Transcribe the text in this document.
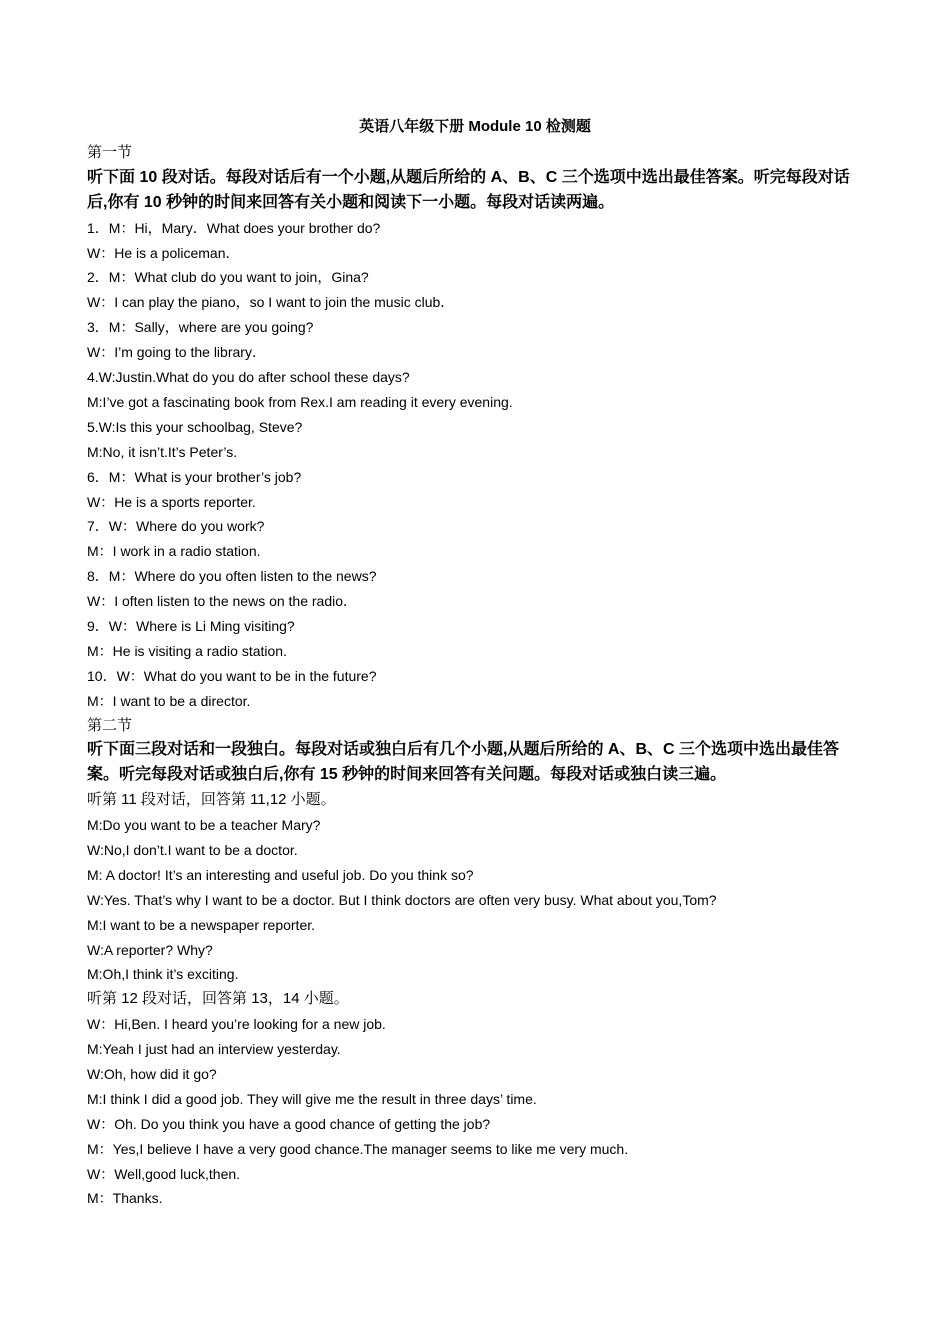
英语八年级下册 Module 10 检测题
第一节
听下面 10 段对话。每段对话后有一个小题,从题后所给的 A、B、C 三个选项中选出最佳答案。听完每段对话后,你有 10 秒钟的时间来回答有关小题和阅读下一小题。每段对话读两遍。
1．M：Hi，Mary．What does your brother do?
W：He is a policeman．
2．M：What club do you want to join，Gina?
W：I can play the piano，so I want to join the music club．
3．M：Sally，where are you going?
W：I’m going to the library．
4.W:Justin.What do you do after school these days?
M:I’ve got a fascinating book from Rex.I am reading it every evening.
5.W:Is this your schoolbag, Steve?
M:No, it isn’t.It’s Peter’s.
6．M：What is your brother’s job?
W：He is a sports reporter.
7．W：Where do you work?
M：I work in a radio station.
8．M：Where do you often listen to the news?
W：I often listen to the news on the radio．
9．W：Where is Li Ming visiting?
M：He is visiting a radio station.
10．W：What do you want to be in the future?
M：I want to be a director.
第二节
听下面三段对话和一段独白。每段对话或独白后有几个小题,从题后所给的 A、B、C 三个选项中选出最佳答案。听完每段对话或独白后,你有 15 秒钟的时间来回答有关问题。每段对话或独白读三遍。
听第 11 段对话，回答第 11,12 小题。
M:Do you want to be a teacher Mary?
W:No,I don’t.I want to be a doctor.
M: A doctor! It’s an interesting and useful job. Do you think so?
W:Yes. That’s why I want to be a doctor. But I think doctors are often very busy. What about you,Tom?
M:I want to be a newspaper reporter.
W:A reporter? Why?
M:Oh,I think it’s exciting.
听第 12 段对话，回答第 13，14 小题。
W：Hi,Ben. I heard you’re looking for a new job.
M:Yeah I just had an interview yesterday.
W:Oh, how did it go?
M:I think I did a good job. They will give me the result in three days’ time.
W：Oh. Do you think you have a good chance of getting the job?
M：Yes,I believe I have a very good chance.The manager seems to like me very much.
W：Well,good luck,then.
M：Thanks.
